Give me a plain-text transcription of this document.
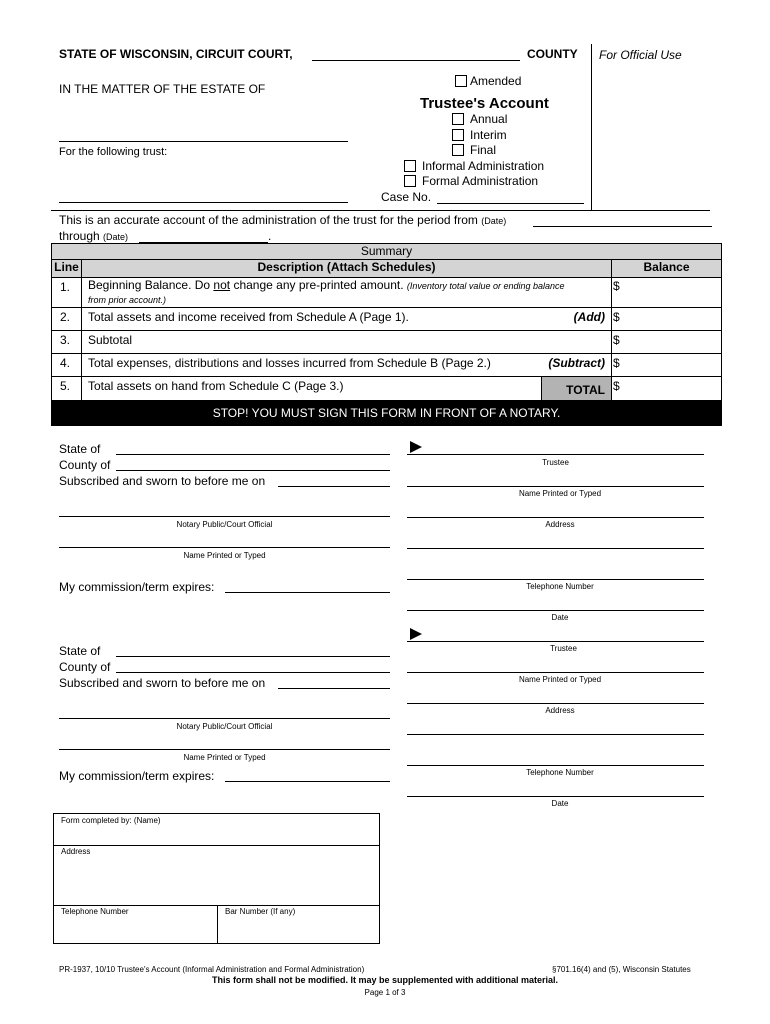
STATE OF WISCONSIN, CIRCUIT COURT,	COUNTY For Official Use
IN THE MATTER OF THE ESTATE OF
For the following trust:
Amended
Trustee's Account
Annual
Interim
Final
Informal Administration
Formal Administration
Case No.
This is an accurate account of the administration of the trust for the period from (Date)
through (Date)	.
Summary			
Line	Description (Attach Schedules)		Balance
1.	Beginning Balance. Do not change any pre-printed amount. (Inventory total value or ending balance
from prior account.)		$
2.	Total assets and income received from Schedule A (Page 1).	(Add)	$
3.	Subtotal		$
4.	Total expenses, distributions and losses incurred from Schedule B (Page 2.)	(Subtract)	$
5.	Total assets on hand from Schedule C (Page 3.)	TOTAL	$
STOP! YOU MUST SIGN THIS FORM IN FRONT OF A NOTARY.			
State of
County of
Subscribed and sworn to before me on
Notary Public/Court Official
Name Printed or Typed
My commission/term expires:
Trustee
Name Printed or Typed
Address
Telephone Number
Date
State of
County of
Subscribed and sworn to before me on
Notary Public/Court Official
Name Printed or Typed
My commission/term expires:
Trustee
Name Printed or Typed
Address
Telephone Number
Date
Form completed by: (Name)
Address
Telephone Number	Bar Number (If any)
PR-1937, 10/10 Trustee's Account (Informal Administration and Formal Administration)	§701.16(4) and (5), Wisconsin Statutes
This form shall not be modified. It may be supplemented with additional material.
Page 1 of 3
